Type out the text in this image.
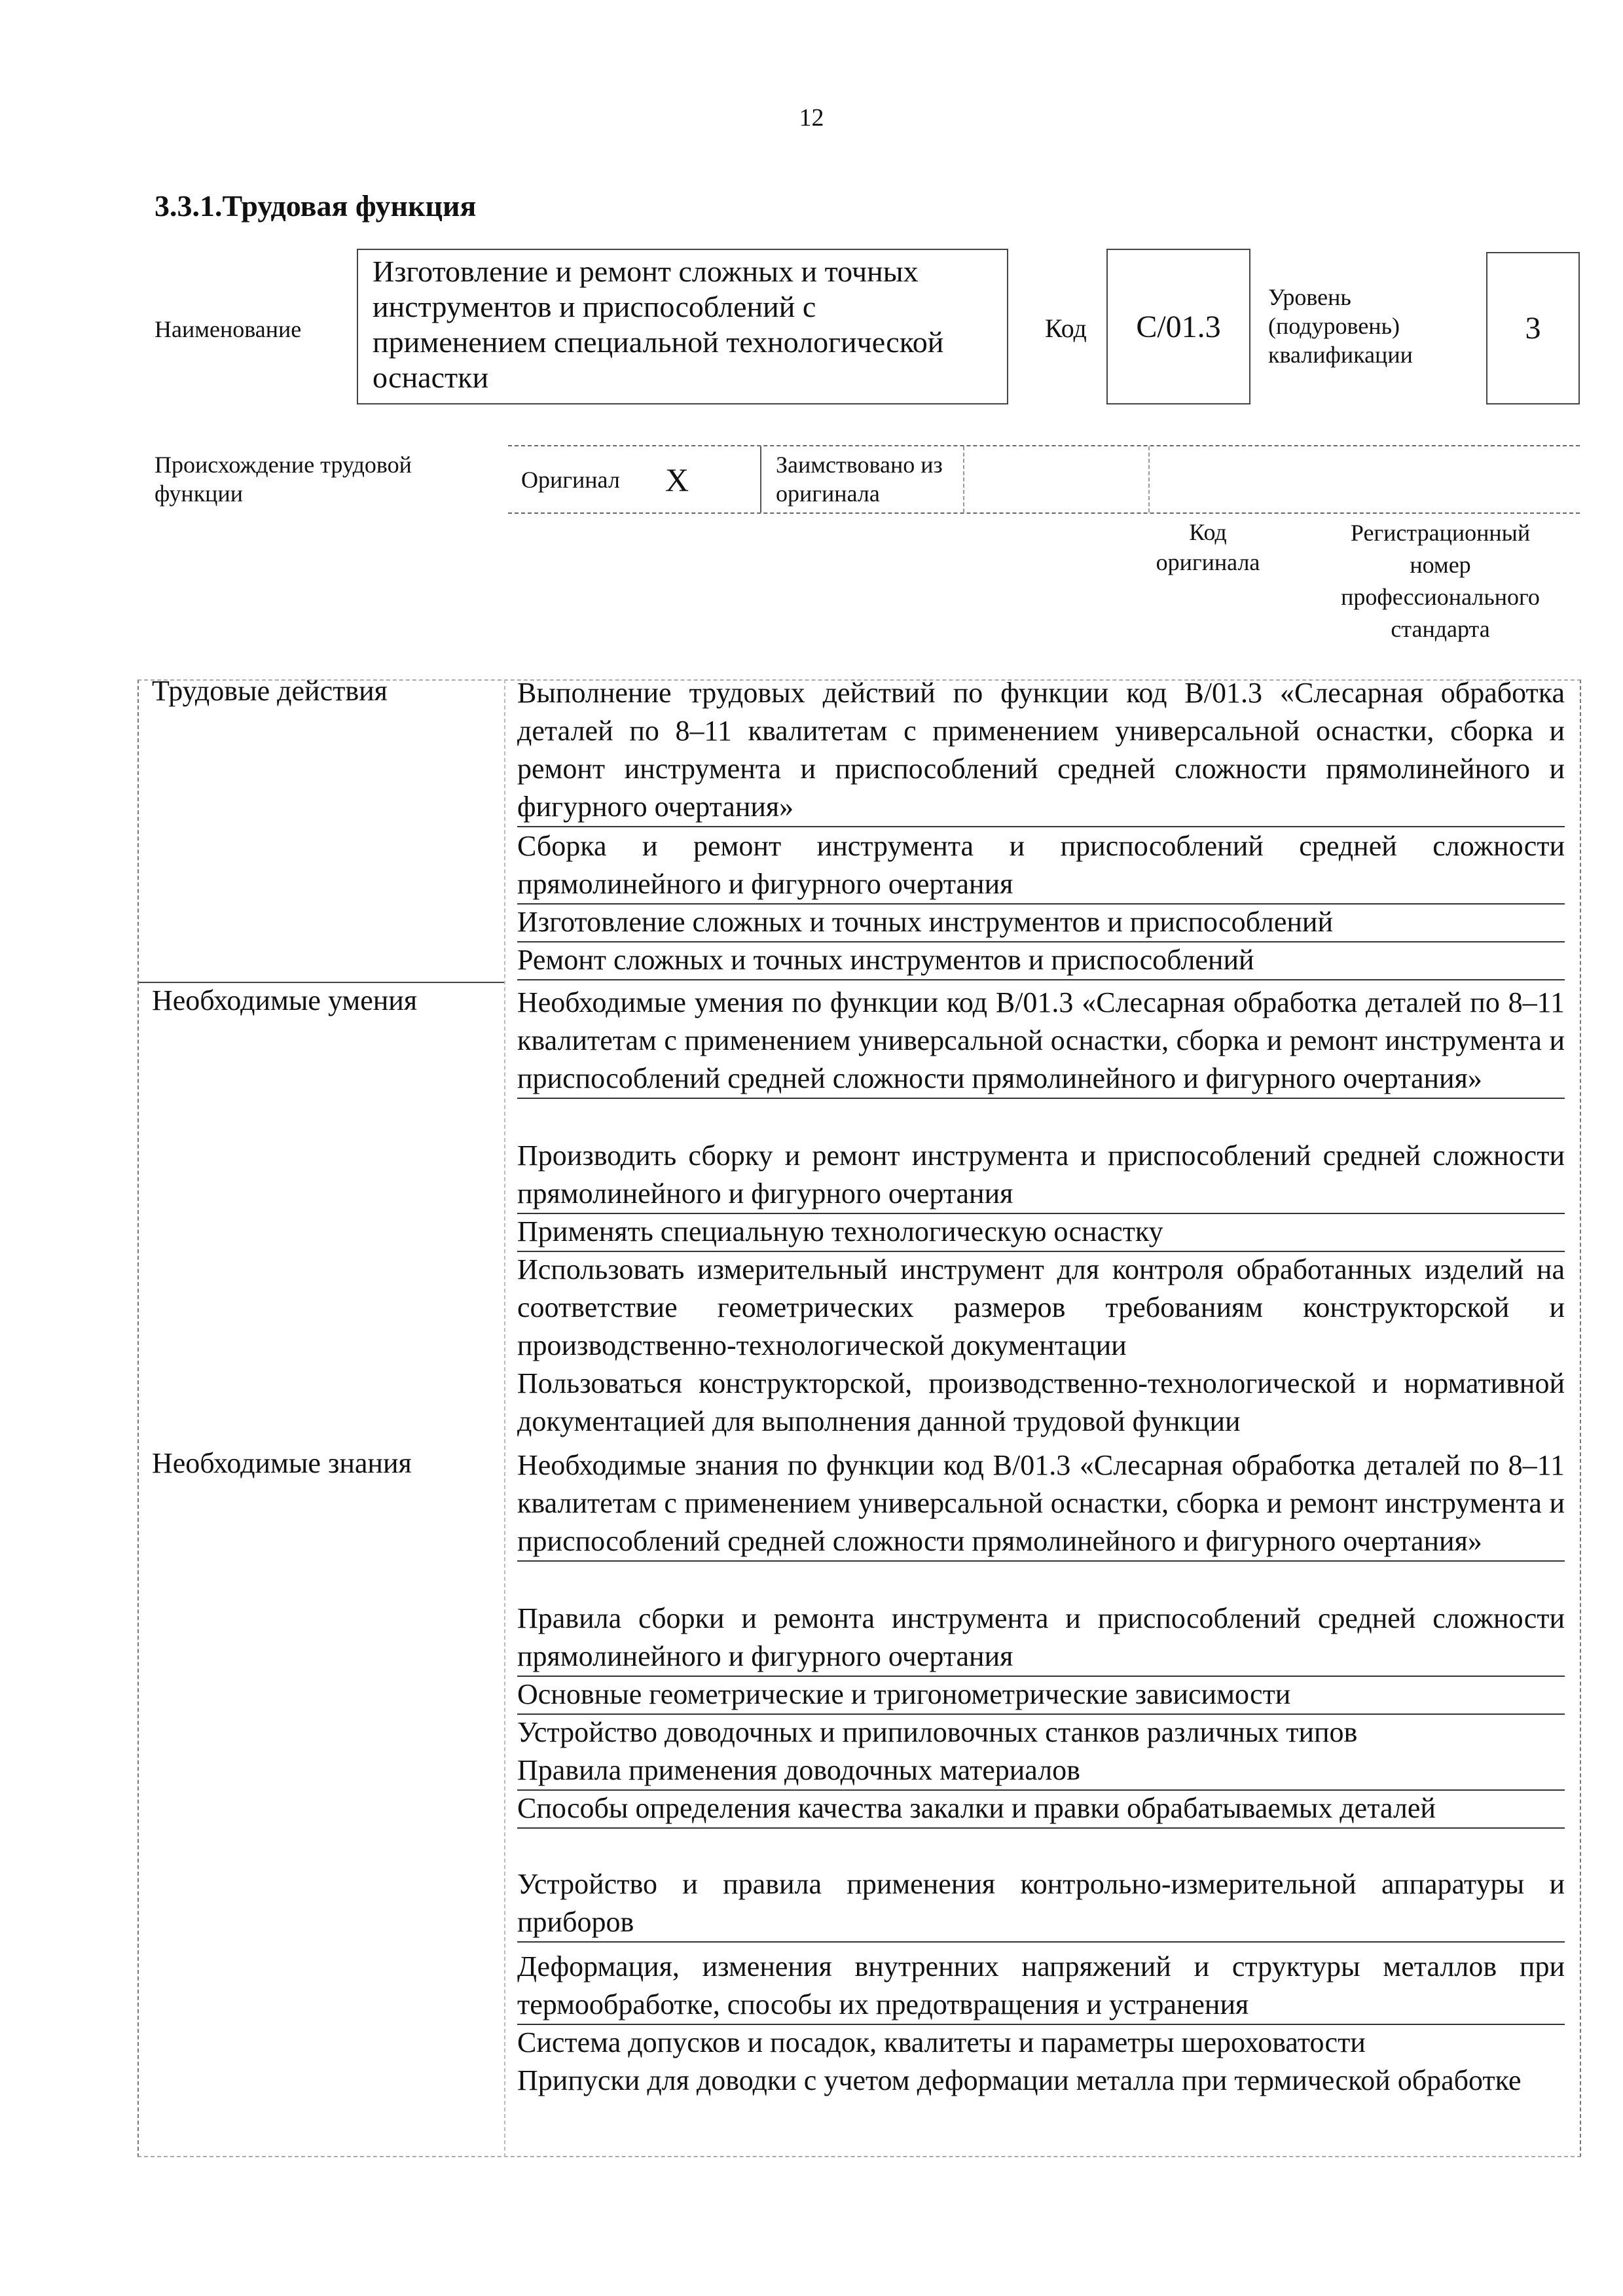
12
3.3.1.Трудовая функция
Наименование
Изготовление и ремонт сложных и точных инструментов и приспособлений с применением специальной технологической оснастки
Код	C/01.3
Уровень
(подуровень)
квалификации
3
Происхождение трудовой
функции
Оригинал X	Заимствовано из
оригинала
Код
оригинала
Регистрационный
номер
профессионального
стандарта
Трудовые действия
Необходимые умения
Необходимые знания
Выполнение трудовых действий по функции код B/01.3 «Слесарная обработка деталей по 8–11 квалитетам с применением универсальной оснастки, сборка и ремонт инструмента и приспособлений средней сложности прямолинейного и фигурного очертания»
Сборка и ремонт инструмента и приспособлений средней сложности прямолинейного и фигурного очертания
Изготовление сложных и точных инструментов и приспособлений
Ремонт сложных и точных инструментов и приспособлений
Необходимые умения по функции код B/01.3 «Слесарная обработка деталей по 8–11 квалитетам с применением универсальной оснастки, сборка и ремонт инструмента и приспособлений средней сложности прямолинейного и фигурного очертания»
Производить сборку и ремонт инструмента и приспособлений средней сложности прямолинейного и фигурного очертания
Применять специальную технологическую оснастку
Использовать измерительный инструмент для контроля обработанных изделий на соответствие геометрических размеров требованиям конструкторской и производственно-технологической документации
Пользоваться конструкторской, производственно-технологической и нормативной документацией для выполнения данной трудовой функции
Необходимые знания по функции код B/01.3 «Слесарная обработка деталей по 8–11 квалитетам с применением универсальной оснастки, сборка и ремонт инструмента и приспособлений средней сложности прямолинейного и фигурного очертания»
Правила сборки и ремонта инструмента и приспособлений средней сложности прямолинейного и фигурного очертания
Основные геометрические и тригонометрические зависимости
Устройство доводочных и припиловочных станков различных типов
Правила применения доводочных материалов
Способы определения качества закалки и правки обрабатываемых деталей
Устройство и правила применения контрольно-измерительной аппаратуры и приборов
Деформация, изменения внутренних напряжений и структуры металлов при термообработке, способы их предотвращения и устранения
Система допусков и посадок, квалитеты и параметры шероховатости
Припуски для доводки с учетом деформации металла при термической обработке
